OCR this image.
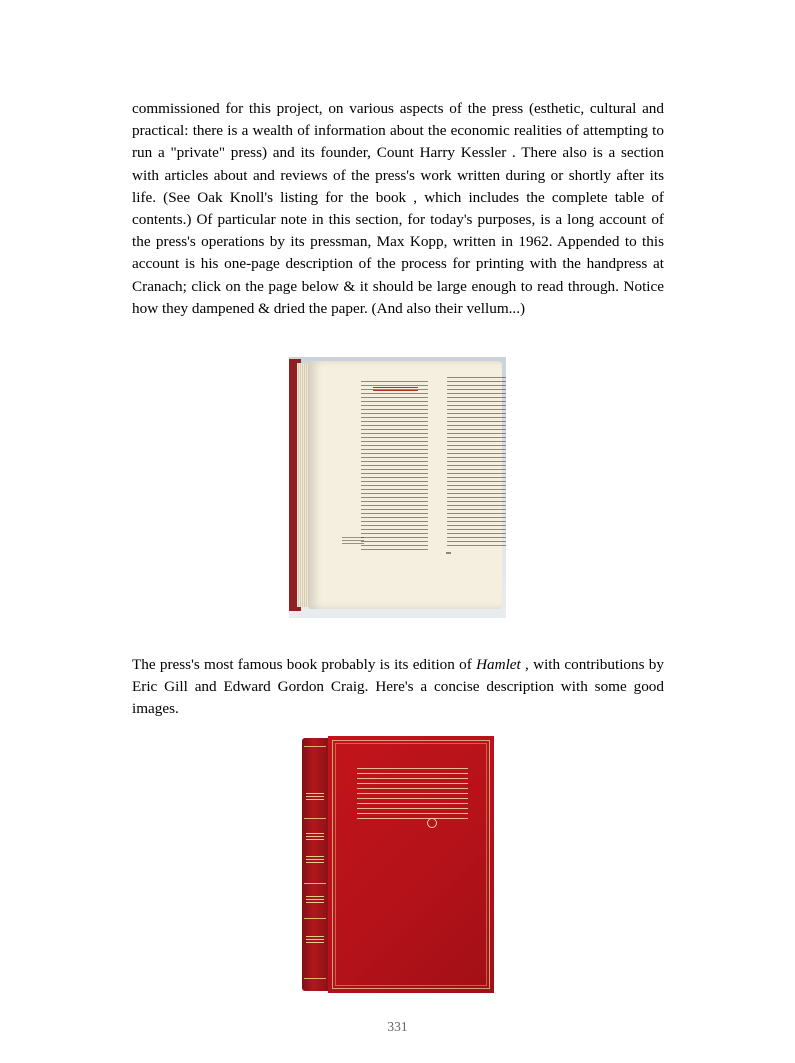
commissioned for this project, on various aspects of the press (esthetic, cultural and practical: there is a wealth of information about the economic realities of attempting to run a "private" press) and its founder, Count Harry Kessler . There also is a section with articles about and reviews of the press's work written during or shortly after its life. (See Oak Knoll's listing for the book , which includes the complete table of contents.) Of particular note in this section, for today's purposes, is a long account of the press's operations by its pressman, Max Kopp, written in 1962. Appended to this account is his one-page description of the process for printing with the handpress at Cranach; click on the page below & it should be large enough to read through. Notice how they dampened & dried the paper. (And also their vellum...)

The press's most famous book probably is its edition of Hamlet , with contributions by Eric Gill and Edward Gordon Craig. Here's a concise description with some good images.

331
